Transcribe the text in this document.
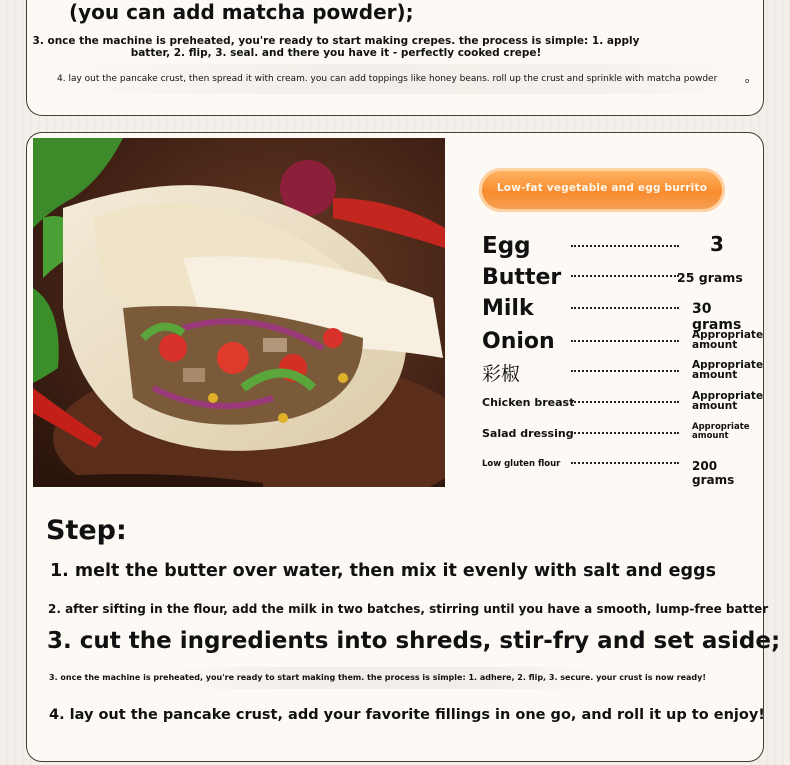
(you can add matcha powder);
3. once the machine is preheated, you're ready to start making crepes. the process is simple: 1. apply batter, 2. flip, 3. seal. and there you have it - perfectly cooked crepe!
4. lay out the pancake crust, then spread it with cream. you can add toppings like honey beans. roll up the crust and sprinkle with matcha powder	o
Low-fat vegetable and egg burrito
Egg	3
Butter	25 grams
Milk	30 grams
Onion	Appropriate amount
彩椒	Appropriate amount
Chicken breast	Appropriate amount
Salad dressing	Appropriate amount
Low gluten flour	200 grams
Step:
1. melt the butter over water, then mix it evenly with salt and eggs
2. after sifting in the flour, add the milk in two batches, stirring until you have a smooth, lump-free batter
3. cut the ingredients into shreds, stir-fry and set aside;
3. once the machine is preheated, you're ready to start making them. the process is simple: 1. adhere, 2. flip, 3. secure. your crust is now ready!
4. lay out the pancake crust, add your favorite fillings in one go, and roll it up to enjoy!
